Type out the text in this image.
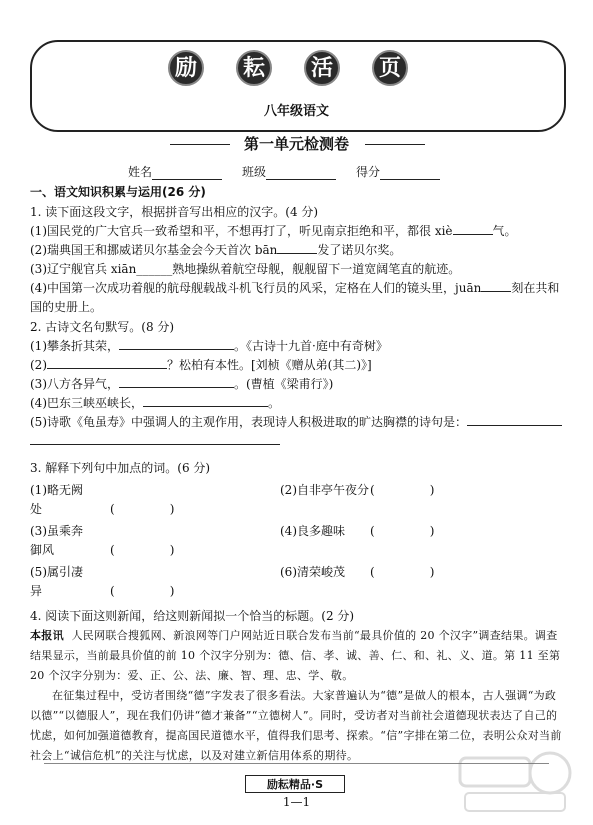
励	耘	活	页
八年级语文
第一单元检测卷
姓名	班级	得分
一、语文知识积累与运用(26 分)
1. 读下面这段文字，根据拼音写出相应的汉字。(4 分)
(1)国民党的广大官兵一致希望和平，不想再打了，听见南京拒绝和平，都很 xiè	气。
(2)瑞典国王和挪威诺贝尔基金会今天首次 bān	发了诺贝尔奖。
(3)辽宁舰官兵 xiān______熟地操纵着航空母舰，舰舰留下一道宽阔笔直的航迹。
(4)中国第一次成功着舰的航母舰载战斗机飞行员的风采，定格在人们的镜头里，juān	刻在共和
国的史册上。
2. 古诗文名句默写。(8 分)
(1)攀条折其荣，	。《古诗十九首·庭中有奇树》
(2)	？松柏有本性。[刘桢《赠从弟(其二)》]
(3)八方各异气，	。(曹植《梁甫行》)
(4)巴东三峡巫峡长，	。
(5)诗歌《龟虽寿》中强调人的主观作用，表现诗人积极进取的旷达胸襟的诗句是：
3. 解释下列句中加点的词。(6 分)
(1)略无阙处	(	)
(2)自非亭午夜分(	)
(3)虽乘奔御风	(	)
(4)良多趣味 (	)
(5)属引凄异	(	)
(6)清荣峻茂 (	)
4. 阅读下面这则新闻，给这则新闻拟一个恰当的标题。(2 分)

本报讯 人民网联合搜狐网、新浪网等门户网站近日联合发布当前“最具价值的 20 个汉字”调查结果。调查结果显示，当前最具价值的前 10 个汉字分别为：德、信、孝、诚、善、仁、和、礼、义、道。第 11 至第 20 个汉字分别为：爱、正、公、法、廉、智、理、忠、学、敬。

在征集过程中，受访者围绕“德”字发表了很多看法。大家普遍认为“德”是做人的根本，古人强调“为政以德”“以德服人”，现在我们仍讲“德才兼备”“立德树人”。同时，受访者对当前社会道德现状表达了自己的忧虑，如何加强道德教育，提高国民道德水平，值得我们思考、探索。“信”字排在第二位，表明公众对当前社会上“诚信危机”的关注与忧虑，以及对建立新信用体系的期待。

励耘精品·S
1—1
